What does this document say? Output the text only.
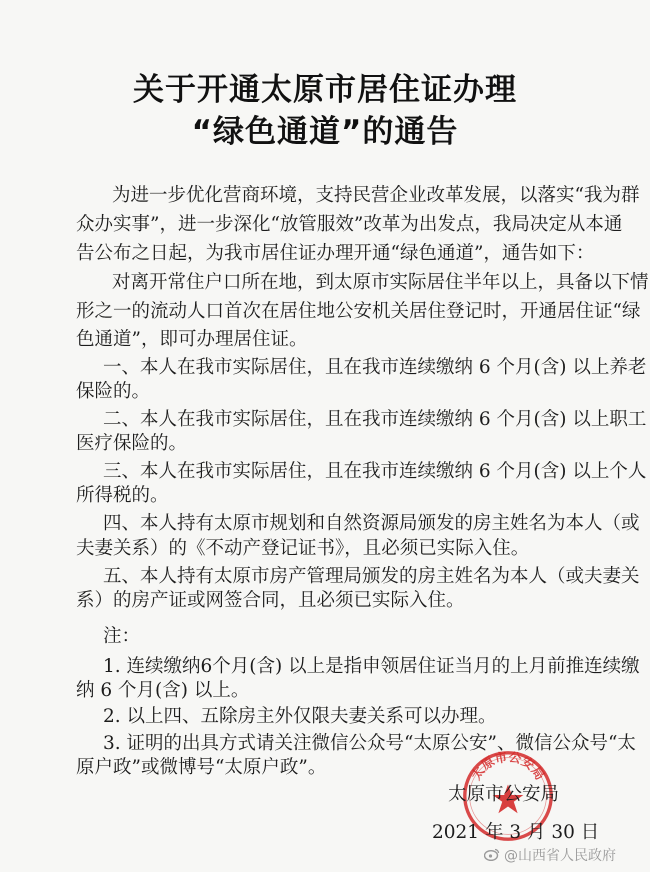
关于开通太原市居住证办理
“绿色通道”的通告
为进一步优化营商环境，支持民营企业改革发展，以落实“我为群
众办实事”，进一步深化“放管服效”改革为出发点，我局决定从本通
告公布之日起，为我市居住证办理开通“绿色通道”，通告如下：
对离开常住户口所在地，到太原市实际居住半年以上，具备以下情
形之一的流动人口首次在居住地公安机关居住登记时，开通居住证“绿
色通道”，即可办理居住证。
一、本人在我市实际居住，且在我市连续缴纳 6 个月(含) 以上养老
保险的。
二、本人在我市实际居住，且在我市连续缴纳 6 个月(含) 以上职工
医疗保险的。
三、本人在我市实际居住，且在我市连续缴纳 6 个月(含) 以上个人
所得税的。
四、本人持有太原市规划和自然资源局颁发的房主姓名为本人（或
夫妻关系）的《不动产登记证书》，且必须已实际入住。
五、本人持有太原市房产管理局颁发的房主姓名为本人（或夫妻关
系）的房产证或网签合同，且必须已实际入住。
注：
1. 连续缴纳6个月(含) 以上是指申领居住证当月的上月前推连续缴
纳 6 个月(含) 以上。
2. 以上四、五除房主外仅限夫妻关系可以办理。
3. 证明的出具方式请关注微信公众号“太原公安”、微信公众号“太
原户政”或微博号“太原户政”。	太原市公安局
太原市公安局
2021 年 3 月 30 日
@山西省人民政府
